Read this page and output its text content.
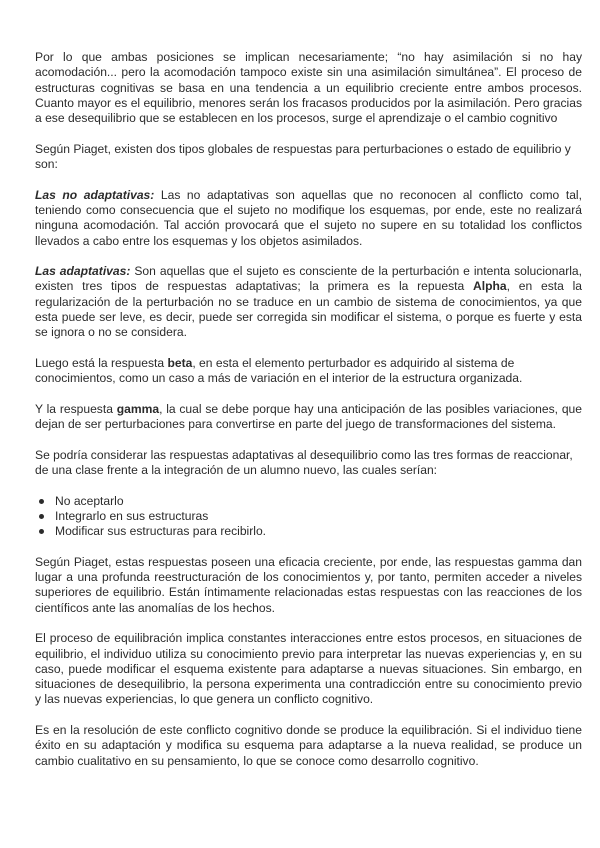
Por lo que ambas posiciones se implican necesariamente; “no hay asimilación si no hay acomodación... pero la acomodación tampoco existe sin una asimilación simultánea”. El proceso de estructuras cognitivas se basa en una tendencia a un equilibrio creciente entre ambos procesos. Cuanto mayor es el equilibrio, menores serán los fracasos producidos por la asimilación. Pero gracias a ese desequilibrio que se establecen en los procesos, surge el aprendizaje o el cambio cognitivo

Según Piaget, existen dos tipos globales de respuestas para perturbaciones o estado de equilibrio y son:

Las no adaptativas: Las no adaptativas son aquellas que no reconocen al conflicto como tal, teniendo como consecuencia que el sujeto no modifique los esquemas, por ende, este no realizará ninguna acomodación. Tal acción provocará que el sujeto no supere en su totalidad los conflictos llevados a cabo entre los esquemas y los objetos asimilados.

Las adaptativas: Son aquellas que el sujeto es consciente de la perturbación e intenta solucionarla, existen tres tipos de respuestas adaptativas; la primera es la repuesta Alpha, en esta la regularización de la perturbación no se traduce en un cambio de sistema de conocimientos, ya que esta puede ser leve, es decir, puede ser corregida sin modificar el sistema, o porque es fuerte y esta se ignora o no se considera.

Luego está la respuesta beta, en esta el elemento perturbador es adquirido al sistema de conocimientos, como un caso a más de variación en el interior de la estructura organizada.

Y la respuesta gamma, la cual se debe porque hay una anticipación de las posibles variaciones, que dejan de ser perturbaciones para convertirse en parte del juego de transformaciones del sistema.

Se podría considerar las respuestas adaptativas al desequilibrio como las tres formas de reaccionar, de una clase frente a la integración de un alumno nuevo, las cuales serían:

No aceptarlo
Integrarlo en sus estructuras
Modificar sus estructuras para recibirlo.

Según Piaget, estas respuestas poseen una eficacia creciente, por ende, las respuestas gamma dan lugar a una profunda reestructuración de los conocimientos y, por tanto, permiten acceder a niveles superiores de equilibrio. Están íntimamente relacionadas estas respuestas con las reacciones de los científicos ante las anomalías de los hechos.

El proceso de equilibración implica constantes interacciones entre estos procesos, en situaciones de equilibrio, el individuo utiliza su conocimiento previo para interpretar las nuevas experiencias y, en su caso, puede modificar el esquema existente para adaptarse a nuevas situaciones. Sin embargo, en situaciones de desequilibrio, la persona experimenta una contradicción entre su conocimiento previo y las nuevas experiencias, lo que genera un conflicto cognitivo.

Es en la resolución de este conflicto cognitivo donde se produce la equilibración. Si el individuo tiene éxito en su adaptación y modifica su esquema para adaptarse a la nueva realidad, se produce un cambio cualitativo en su pensamiento, lo que se conoce como desarrollo cognitivo.
